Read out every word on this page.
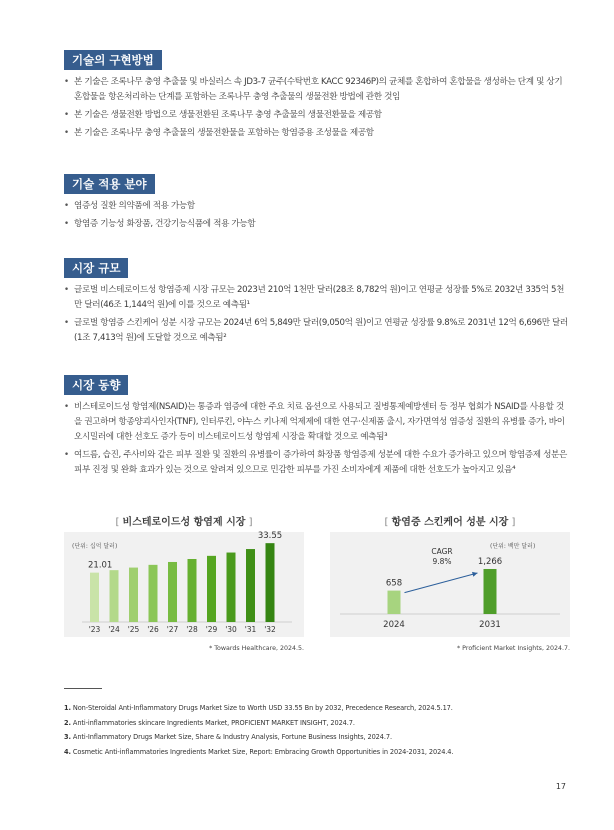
기술의 구현방법
• 본 기술은 조록나무 충영 추출물 및 바실러스 속 JD3-7 균주(수탁번호 KACC 92346P)의 균체를 혼합하여 혼합물을 생성하는 단계 및 상기 혼합물을 항온처리하는 단계를 포함하는 조록나무 충영 추출물의 생물전환 방법에 관한 것임
• 본 기술은 생물전환 방법으로 생물전환된 조록나무 충영 추출물의 생물전환물을 제공함
• 본 기술은 조록나무 충영 추출물의 생물전환물을 포함하는 항염증용 조성물을 제공함
기술 적용 분야
• 염증성 질환 의약품에 적용 가능함
• 항염증 기능성 화장품, 건강기능식품에 적용 가능함
시장 규모
• 글로벌 비스테로이드성 항염증제 시장 규모는 2023년 210억 1천만 달러(28조 8,782억 원)이고 연평균 성장률 5%로 2032년 335억 5천만 달러(46조 1,144억 원)에 이를 것으로 예측됨¹
• 글로벌 항염증 스킨케어 성분 시장 규모는 2024년 6억 5,849만 달러(9,050억 원)이고 연평균 성장률 9.8%로 2031년 12억 6,696만 달러(1조 7,413억 원)에 도달할 것으로 예측됨²
시장 동향
• 비스테로이드성 항염제(NSAID)는 통증과 염증에 대한 주요 치료 옵션으로 사용되고 질병통제예방센터 등 정부 협회가 NSAID를 사용할 것을 권고하며 항종양괴사인자(TNF), 인터루킨, 야누스 키나제 억제제에 대한 연구·신제품 출시, 자가면역성 염증성 질환의 유병률 증가, 바이오시밀러에 대한 선호도 증가 등이 비스테로이드성 항염제 시장을 확대할 것으로 예측됨³
• 여드름, 습진, 주사비와 같은 피부 질환 및 질환의 유병률이 증가하여 화장품 항염증제 성분에 대한 수요가 증가하고 있으며 항염증제 성분은 피부 진정 및 완화 효과가 있는 것으로 알려져 있으므로 민감한 피부를 가진 소비자에게 제품에 대한 선호도가 높아지고 있음⁴
[ 비스테로이드성 항염제 시장 ]
(단위: 십억 달러)
'23
21.01
'24 '25 '26 '27 '28 '29 '30 '31 '32
33.55
* Towards Healthcare, 2024.5.
[ 항염증 스킨케어 성분 시장 ]
(단위: 백만 달러)
2024
658
2031
1,266
CAGR
9.8%
* Proficient Market Insights, 2024.7.
1. Non-Steroidal Anti-Inflammatory Drugs Market Size to Worth USD 33.55 Bn by 2032, Precedence Research, 2024.5.17.
2. Anti-inflammatories skincare Ingredients Market, PROFICIENT MARKET INSIGHT, 2024.7.
3. Anti-Inflammatory Drugs Market Size, Share & Industry Analysis, Fortune Business Insights, 2024.7.
4. Cosmetic Anti-inflammatories Ingredients Market Size, Report: Embracing Growth Opportunities in 2024-2031, 2024.4.
17
